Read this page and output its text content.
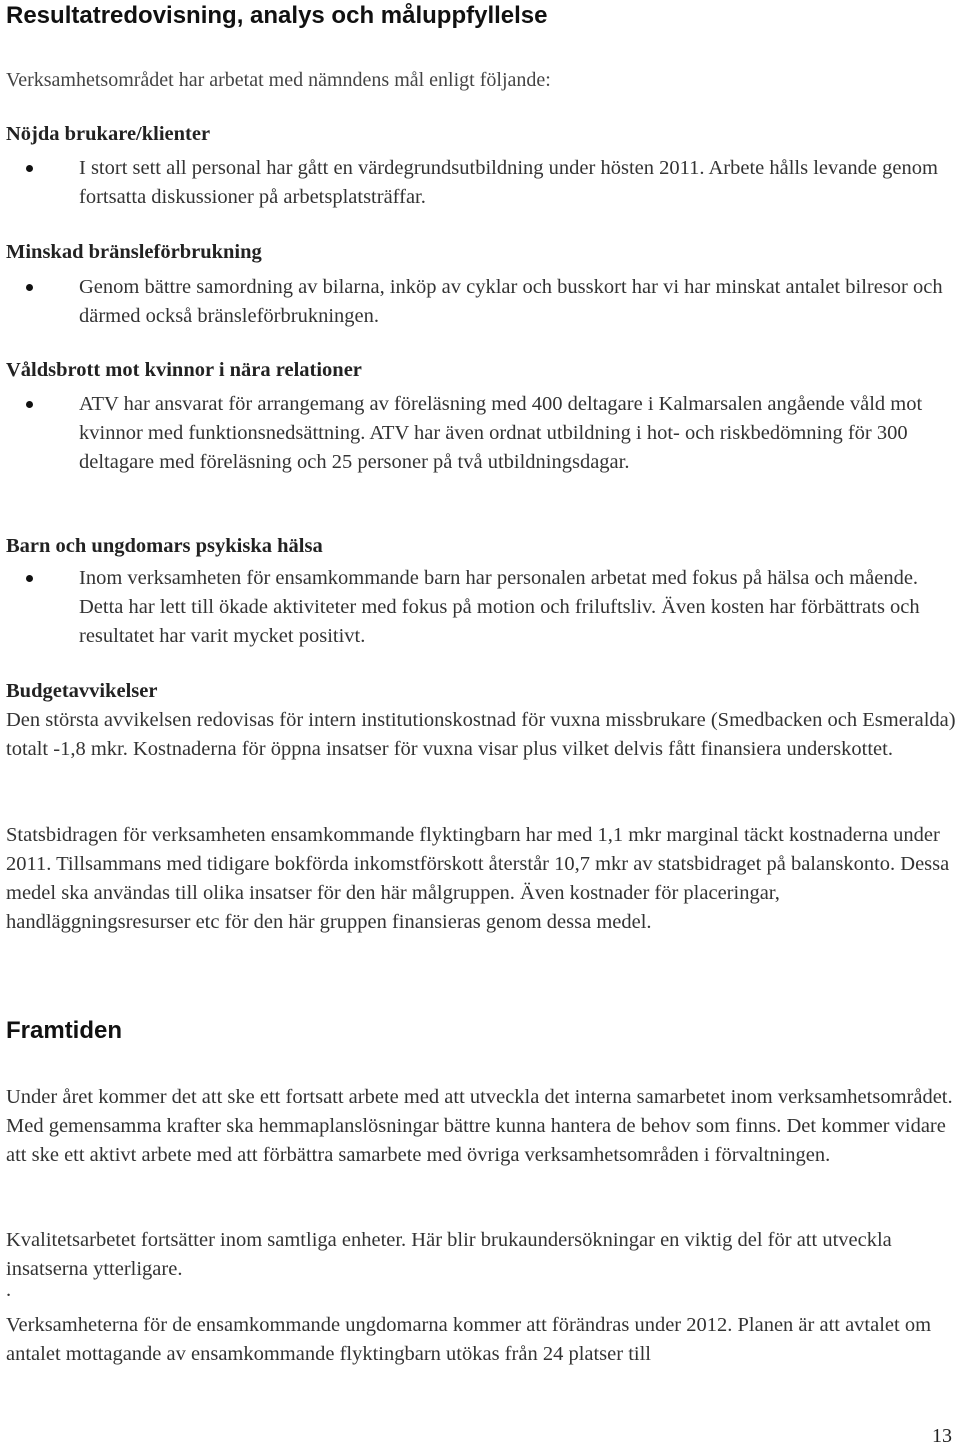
Resultatredovisning, analys och måluppfyllelse

Verksamhetsområdet har arbetat med nämndens mål enligt följande:

Nöjda brukare/klienter
I stort sett all personal har gått en värdegrundsutbildning under hösten 2011. Arbete hålls levande genom fortsatta diskussioner på arbetsplatsträffar.
Minskad bränsleförbrukning
Genom bättre samordning av bilarna, inköp av cyklar och busskort har vi har minskat antalet bilresor och därmed också bränsleförbrukningen.
Våldsbrott mot kvinnor i nära relationer
ATV har ansvarat för arrangemang av föreläsning med 400 deltagare i Kalmarsalen angående våld mot kvinnor med funktionsnedsättning. ATV har även ordnat utbildning i hot- och riskbedömning för 300 deltagare med föreläsning och 25 personer på två utbildningsdagar.
Barn och ungdomars psykiska hälsa
Inom verksamheten för ensamkommande barn har personalen arbetat med fokus på hälsa och mående. Detta har lett till ökade aktiviteter med fokus på motion och friluftsliv. Även kosten har förbättrats och resultatet har varit mycket positivt.
Budgetavvikelser

Den största avvikelsen redovisas för intern institutionskostnad för vuxna missbrukare (Smedbacken och Esmeralda) totalt -1,8 mkr. Kostnaderna för öppna insatser för vuxna visar plus vilket delvis fått finansiera underskottet.

Statsbidragen för verksamheten ensamkommande flyktingbarn har med 1,1 mkr marginal täckt kostnaderna under 2011. Tillsammans med tidigare bokförda inkomstförskott återstår 10,7 mkr av statsbidraget på balanskonto. Dessa medel ska användas till olika insatser för den här målgruppen. Även kostnader för placeringar, handläggningsresurser etc för den här gruppen finansieras genom dessa medel.

Framtiden

Under året kommer det att ske ett fortsatt arbete med att utveckla det interna samarbetet inom verksamhetsområdet. Med gemensamma krafter ska hemmaplanslösningar bättre kunna hantera de behov som finns. Det kommer vidare att ske ett aktivt arbete med att förbättra samarbete med övriga verksamhetsområden i förvaltningen.

Kvalitetsarbetet fortsätter inom samtliga enheter. Här blir brukaundersökningar en viktig del för att utveckla insatserna ytterligare.

.

Verksamheterna för de ensamkommande ungdomarna kommer att förändras under 2012. Planen är att avtalet om antalet mottagande av ensamkommande flyktingbarn utökas från 24 platser till

13
